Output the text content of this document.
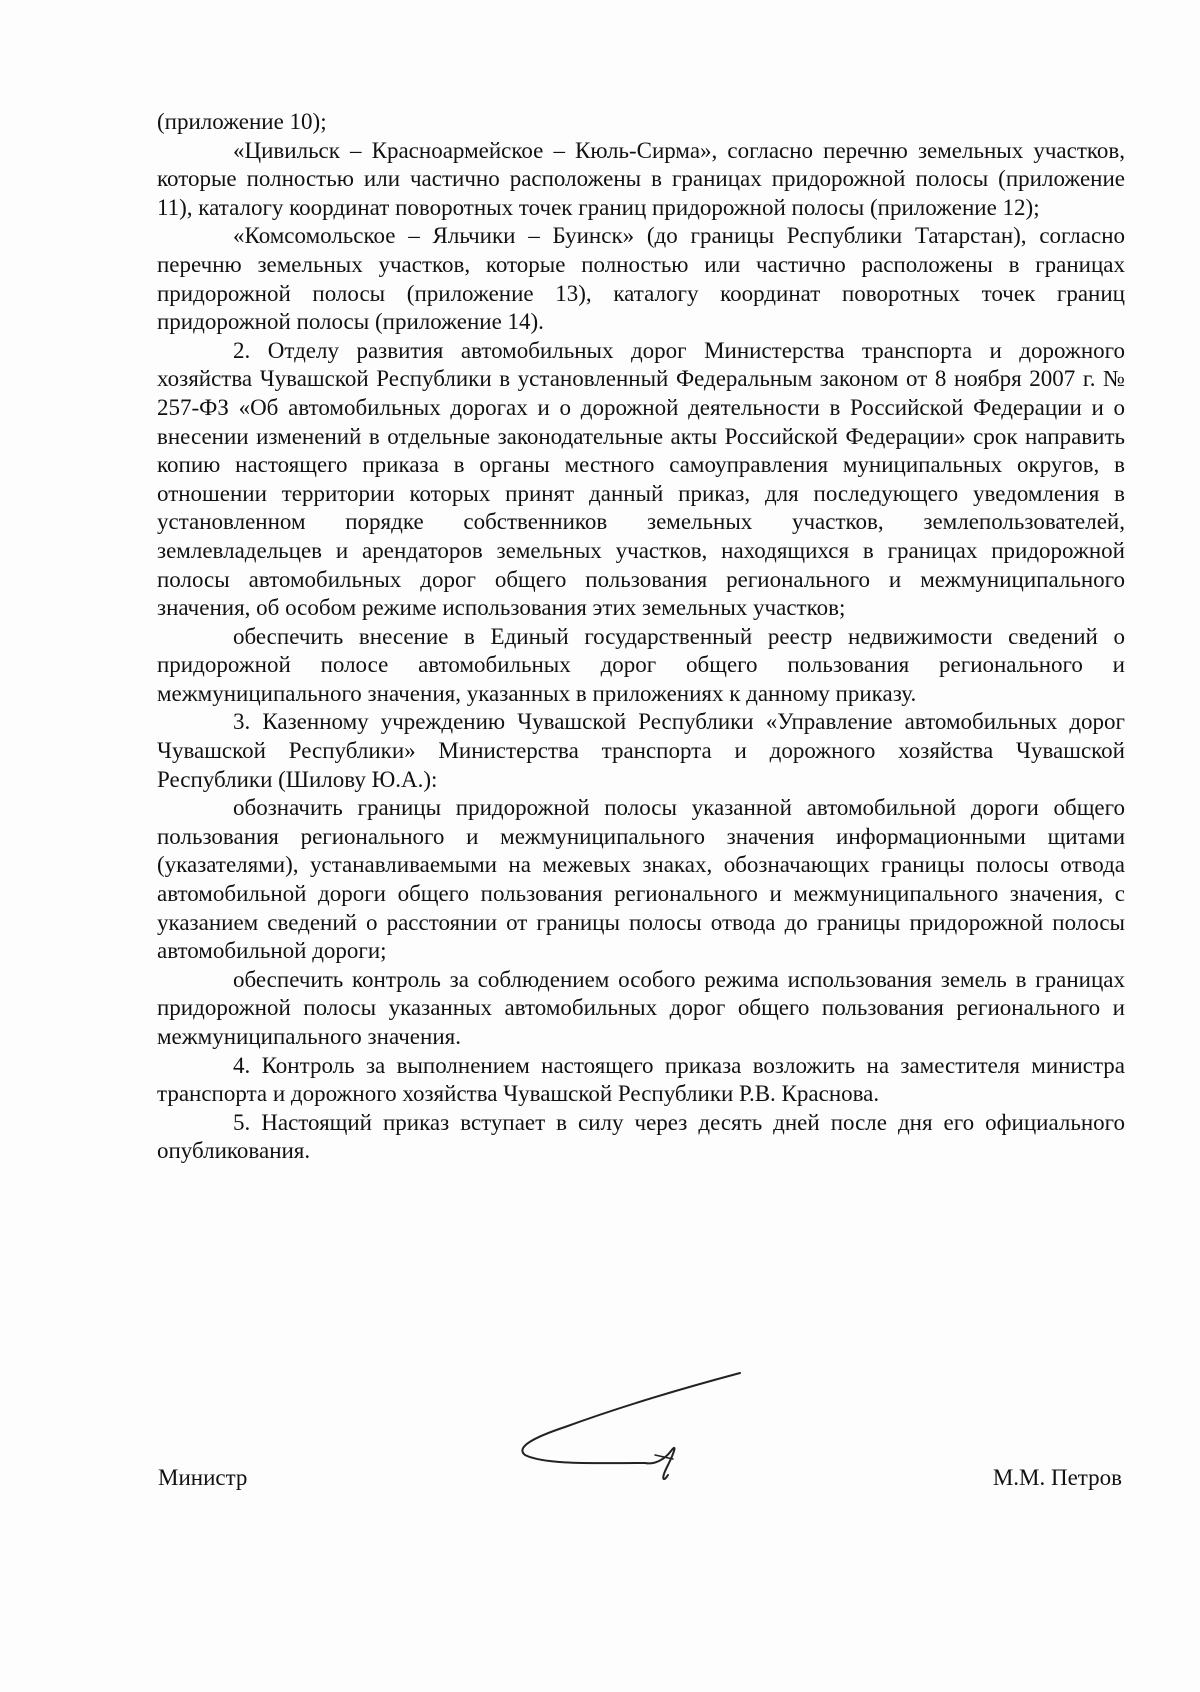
(приложение 10);

«Цивильск – Красноармейское – Кюль-Сирма», согласно перечню земельных участков, которые полностью или частично расположены в границах придорожной полосы (приложение 11), каталогу координат поворотных точек границ придорожной полосы (приложение 12);

«Комсомольское – Яльчики – Буинск» (до границы Республики Татарстан), согласно перечню земельных участков, которые полностью или частично расположены в границах придорожной полосы (приложение 13), каталогу координат поворотных точек границ придорожной полосы (приложение 14).

2. Отделу развития автомобильных дорог Министерства транспорта и дорожного хозяйства Чувашской Республики в установленный Федеральным законом от 8 ноября 2007 г. № 257-ФЗ «Об автомобильных дорогах и о дорожной деятельности в Российской Федерации и о внесении изменений в отдельные законодательные акты Российской Федерации» срок направить копию настоящего приказа в органы местного самоуправления муниципальных округов, в отношении территории которых принят данный приказ, для последующего уведомления в установленном порядке собственников земельных участков, землепользователей, землевладельцев и арендаторов земельных участков, находящихся в границах придорожной полосы автомобильных дорог общего пользования регионального и межмуниципального значения, об особом режиме использования этих земельных участков;

обеспечить внесение в Единый государственный реестр недвижимости сведений о придорожной полосе автомобильных дорог общего пользования регионального и межмуниципального значения, указанных в приложениях к данному приказу.

3. Казенному учреждению Чувашской Республики «Управление автомобильных дорог Чувашской Республики» Министерства транспорта и дорожного хозяйства Чувашской Республики (Шилову Ю.А.):

обозначить границы придорожной полосы указанной автомобильной дороги общего пользования регионального и межмуниципального значения информационными щитами (указателями), устанавливаемыми на межевых знаках, обозначающих границы полосы отвода автомобильной дороги общего пользования регионального и межмуниципального значения, с указанием сведений о расстоянии от границы полосы отвода до границы придорожной полосы автомобильной дороги;

обеспечить контроль за соблюдением особого режима использования земель в границах придорожной полосы указанных автомобильных дорог общего пользования регионального и межмуниципального значения.

4. Контроль за выполнением настоящего приказа возложить на заместителя министра транспорта и дорожного хозяйства Чувашской Республики Р.В. Краснова.

5. Настоящий приказ вступает в силу через десять дней после дня его официального опубликования.

Министр	М.М. Петров
